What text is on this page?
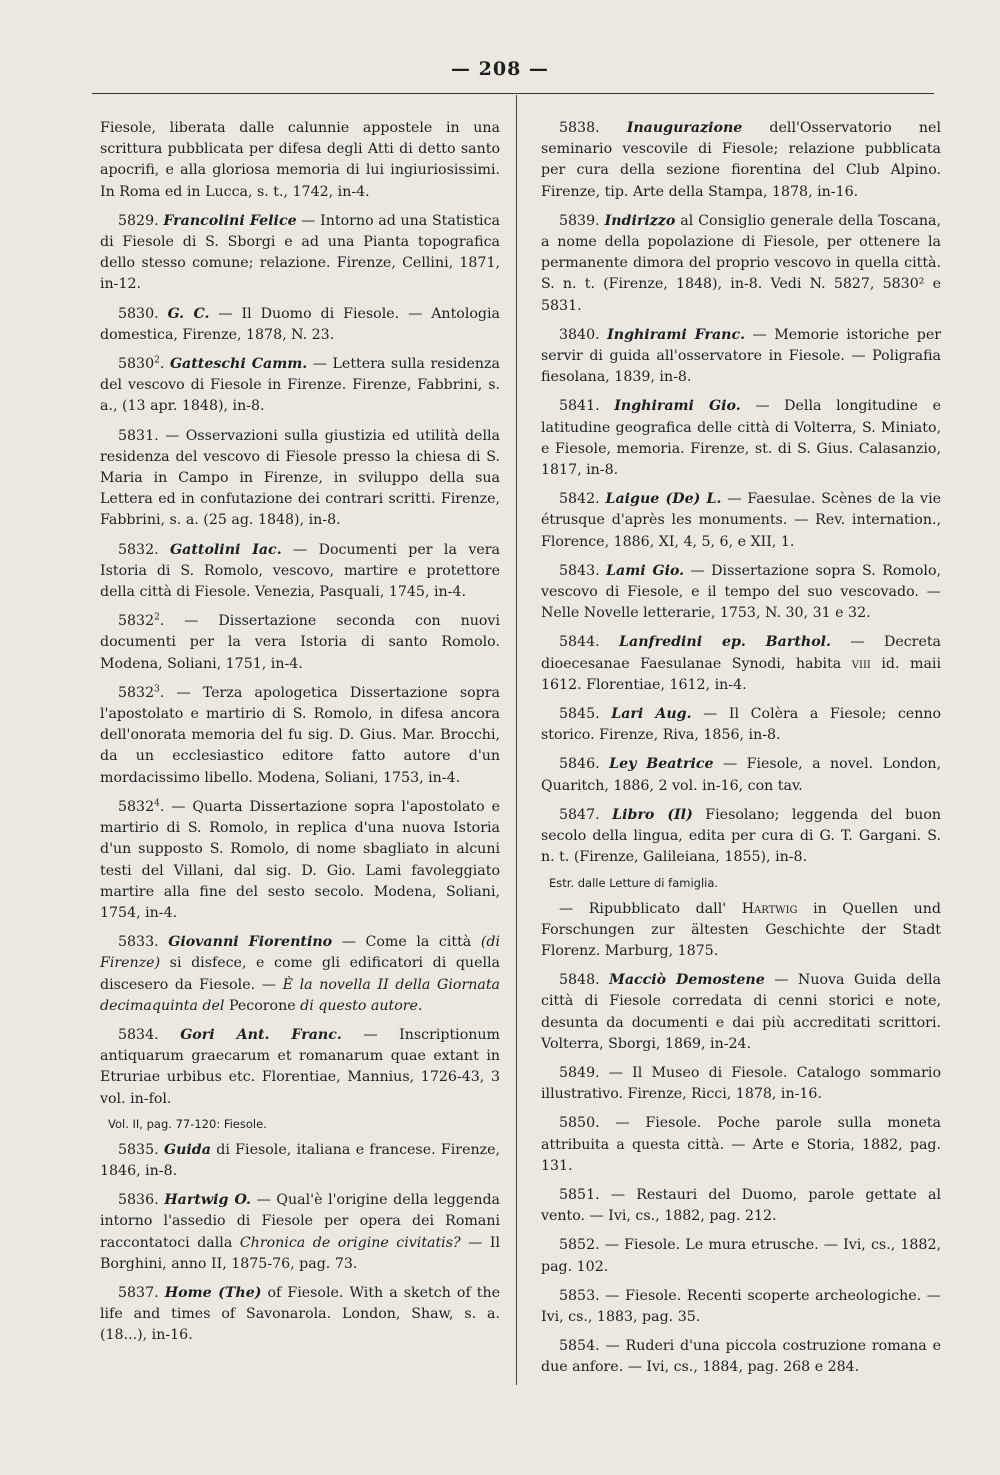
— 208 —

Fiesole, liberata dalle calunnie appostele in una scrittura pubblicata per difesa degli Atti di detto santo apocrifi, e alla gloriosa memoria di lui ingiuriosissimi. In Roma ed in Lucca, s. t., 1742, in-4.

5829. Francolini Felice — Intorno ad una Statistica di Fiesole di S. Sborgi e ad una Pianta topografica dello stesso comune; relazione. Firenze, Cellini, 1871, in-12.

5830. G. C. — Il Duomo di Fiesole. — Antologia domestica, Firenze, 1878, N. 23.

5830$^2$. Gatteschi Camm. — Lettera sulla residenza del vescovo di Fiesole in Firenze. Firenze, Fabbrini, s. a., (13 apr. 1848), in-8.

5831. — Osservazioni sulla giustizia ed utilità della residenza del vescovo di Fiesole presso la chiesa di S. Maria in Campo in Firenze, in sviluppo della sua Lettera ed in confutazione dei contrari scritti. Firenze, Fabbrini, s. a. (25 ag. 1848), in-8.

5832. Gattolini Iac. — Documenti per la vera Istoria di S. Romolo, vescovo, martire e protettore della città di Fiesole. Venezia, Pasquali, 1745, in-4.

5832$^2$. — Dissertazione seconda con nuovi documenti per la vera Istoria di santo Romolo. Modena, Soliani, 1751, in-4.

5832$^3$. — Terza apologetica Dissertazione sopra l'apostolato e martirio di S. Romolo, in difesa ancora dell'onorata memoria del fu sig. D. Gius. Mar. Brocchi, da un ecclesiastico editore fatto autore d'un mordacissimo libello. Modena, Soliani, 1753, in-4.

5832$^4$. — Quarta Dissertazione sopra l'apostolato e martirio di S. Romolo, in replica d'una nuova Istoria d'un supposto S. Romolo, di nome sbagliato in alcuni testi del Villani, dal sig. D. Gio. Lami favoleggiato martire alla fine del sesto secolo. Modena, Soliani, 1754, in-4.

5833. Giovanni Fiorentino — Come la città (di Firenze) si disfece, e come gli edificatori di quella discesero da Fiesole. — È la novella II della Giornata decimaquinta del Pecorone di questo autore.

5834. Gori Ant. Franc. — Inscriptionum antiquarum graecarum et romanarum quae extant in Etruriae urbibus etc. Florentiae, Mannius, 1726-43, 3 vol. in-fol.

Vol. II, pag. 77-120: Fiesole.

5835. Guida di Fiesole, italiana e francese. Firenze, 1846, in-8.

5836. Hartwig O. — Qual'è l'origine della leggenda intorno l'assedio di Fiesole per opera dei Romani raccontatoci dalla Chronica de origine civitatis? — Il Borghini, anno II, 1875-76, pag. 73.

5837. Home (The) of Fiesole. With a sketch of the life and times of Savonarola. London, Shaw, s. a. (18...), in-16.

5838. Inaugurazione dell'Osservatorio nel seminario vescovile di Fiesole; relazione pubblicata per cura della sezione fiorentina del Club Alpino. Firenze, tip. Arte della Stampa, 1878, in-16.

5839. Indirizzo al Consiglio generale della Toscana, a nome della popolazione di Fiesole, per ottenere la permanente dimora del proprio vescovo in quella città. S. n. t. (Firenze, 1848), in-8. Vedi N. 5827, 5830² e 5831.

3840. Inghirami Franc. — Memorie istoriche per servir di guida all'osservatore in Fiesole. — Poligrafia fiesolana, 1839, in-8.

5841. Inghirami Gio. — Della longitudine e latitudine geografica delle città di Volterra, S. Miniato, e Fiesole, memoria. Firenze, st. di S. Gius. Calasanzio, 1817, in-8.

5842. Laigue (De) L. — Faesulae. Scènes de la vie étrusque d'après les monuments. — Rev. internation., Florence, 1886, XI, 4, 5, 6, e XII, 1.

5843. Lami Gio. — Dissertazione sopra S. Romolo, vescovo di Fiesole, e il tempo del suo vescovado. — Nelle Novelle letterarie, 1753, N. 30, 31 e 32.

5844. Lanfredini ep. Barthol. — Decreta dioecesanae Faesulanae Synodi, habita viii id. maii 1612. Florentiae, 1612, in-4.

5845. Lari Aug. — Il Colèra a Fiesole; cenno storico. Firenze, Riva, 1856, in-8.

5846. Ley Beatrice — Fiesole, a novel. London, Quaritch, 1886, 2 vol. in-16, con tav.

5847. Libro (Il) Fiesolano; leggenda del buon secolo della lingua, edita per cura di G. T. Gargani. S. n. t. (Firenze, Galileiana, 1855), in-8.

Estr. dalle Letture di famiglia.

— Ripubblicato dall' Hartwig in Quellen und Forschungen zur ältesten Geschichte der Stadt Florenz. Marburg, 1875.

5848. Macciò Demostene — Nuova Guida della città di Fiesole corredata di cenni storici e note, desunta da documenti e dai più accreditati scrittori. Volterra, Sborgi, 1869, in-24.

5849. — Il Museo di Fiesole. Catalogo sommario illustrativo. Firenze, Ricci, 1878, in-16.

5850. — Fiesole. Poche parole sulla moneta attribuita a questa città. — Arte e Storia, 1882, pag. 131.

5851. — Restauri del Duomo, parole gettate al vento. — Ivi, cs., 1882, pag. 212.

5852. — Fiesole. Le mura etrusche. — Ivi, cs., 1882, pag. 102.

5853. — Fiesole. Recenti scoperte archeologiche. — Ivi, cs., 1883, pag. 35.

5854. — Ruderi d'una piccola costruzione romana e due anfore. — Ivi, cs., 1884, pag. 268 e 284.
